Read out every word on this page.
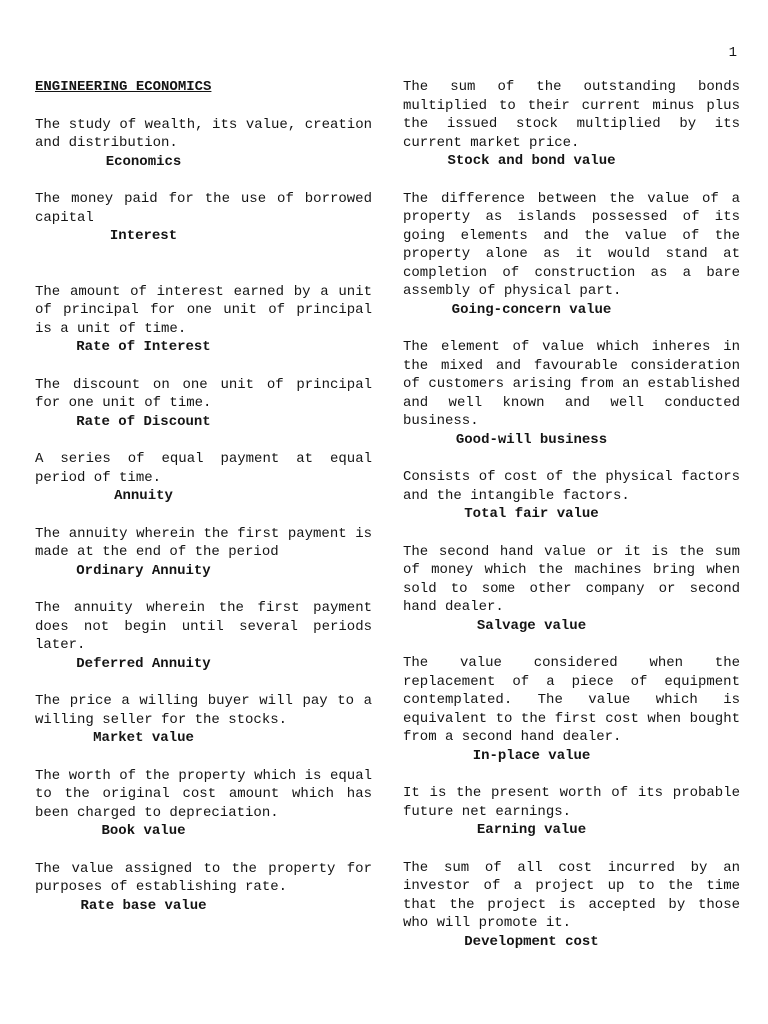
1

ENGINEERING ECONOMICS

The study of wealth, its value, creation and distribution.

Economics

The money paid for the use of borrowed capital

Interest

The amount of interest earned by a unit of principal for one unit of principal is a unit of time.

Rate of Interest

The discount on one unit of principal for one unit of time.

Rate of Discount

A series of equal payment at equal period of time.

Annuity

The annuity wherein the first payment is made at the end of the period

Ordinary Annuity

The annuity wherein the first payment does not begin until several periods later.

Deferred Annuity

The price a willing buyer will pay to a willing seller for the stocks.

Market value

The worth of the property which is equal to the original cost amount which has been charged to depreciation.

Book value

The value assigned to the property for purposes of establishing rate.

Rate base value

The sum of the outstanding bonds multiplied to their current minus plus the issued stock multiplied by its current market price.

Stock and bond value

The difference between the value of a property as islands possessed of its going elements and the value of the property alone as it would stand at completion of construction as a bare assembly of physical part.

Going-concern value

The element of value which inheres in the mixed and favourable consideration of customers arising from an established and well known and well conducted business.

Good-will business

Consists of cost of the physical factors and the intangible factors.

Total fair value

The second hand value or it is the sum of money which the machines bring when sold to some other company or second hand dealer.

Salvage value

The value considered when the replacement of a piece of equipment contemplated. The value which is equivalent to the first cost when bought from a second hand dealer.

In-place value

It is the present worth of its probable future net earnings.

Earning value

The sum of all cost incurred by an investor of a project up to the time that the project is accepted by those who will promote it.

Development cost
